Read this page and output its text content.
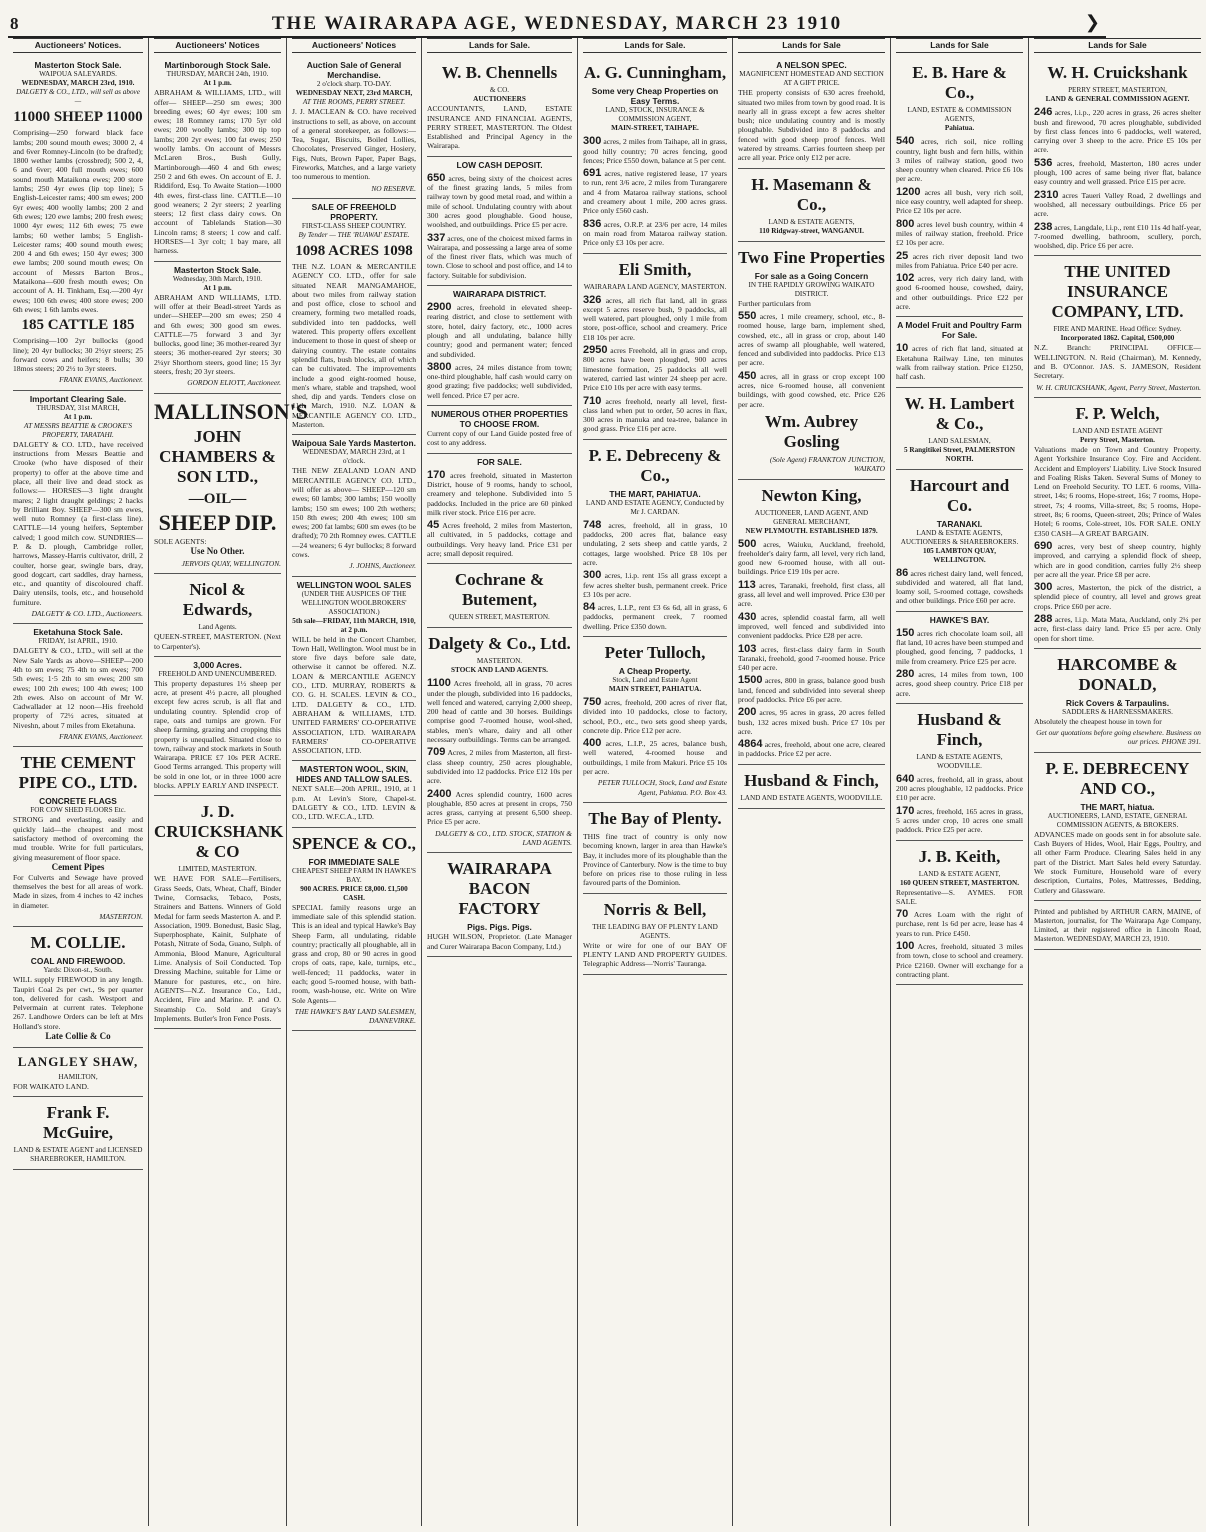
8	THE WAIRARAPA AGE, WEDNESDAY, MARCH 23 1910	❯
Auctioneers' Notices.
Masterton Stock Sale.
WAIPOUA SALEYARDS.
WEDNESDAY, MARCH 23rd, 1910.
DALGETY & CO., LTD., will sell as above—
11000 SHEEP 11000
Comprising—250 forward black face lambs; 200 sound mouth ewes; 3000 2, 4 and 6ver Romney-Lincoln (to be drafted); 1800 wether lambs (crossbred); 500 2, 4, 6 and 6ver; 400 full mouth ewes; 600 sound mouth Mataikona ewes; 200 store lambs; 250 4yr ewes (lip top line); 5 English-Leicester rams; 400 sm ewes; 200 6yr ewes; 400 woolly lambs; 200 2 and 6th ewes; 120 ewe lambs; 200 fresh ewes; 1000 4yr ewes; 112 6th ewes; 75 ewe lambs; 60 wether lambs; 5 English-Leicester rams; 400 sound mouth ewes; 200 4 and 6th ewes; 150 4yr ewes; 300 ewe lambs; 200 sound mouth ewes; On account of Messrs Barton Bros., Mataikona—600 fresh mouth ewes; On account of A. H. Tinkham, Esq.—200 4yr ewes; 100 6th ewes; 400 store ewes; 200 6th ewes; 1 6th lambs ewes.
185 CATTLE 185
Comprising—100 2yr bullocks (good line); 20 4yr bullocks; 30 2½yr steers; 25 forward cows and heifers; 8 bulls; 30 18mos steers; 20 2½ to 3yr steers.
FRANK EVANS, Auctioneer.
Important Clearing Sale.
THURSDAY, 31st MARCH,
At 1 p.m.
AT MESSRS BEATTIE & CROOKE'S PROPERTY, TARATAHI.
DALGETY & CO. LTD., have received instructions from Messrs Beattie and Crooke (who have disposed of their property) to offer at the above time and place, all their live and dead stock as follows:— HORSES—3 light draught mares; 2 light draught geldings; 2 hacks by Brilliant Boy. SHEEP—300 sm ewes, well nuto Romney (a first-class line). CATTLE—14 young heifers, September calved; 1 good milch cow. SUNDRIES—P. & D. plough, Cambridge roller, harrows, Massey-Harris cultivator, drill, 2 coulter, horse gear, swingle bars, dray, good dogcart, cart saddles, dray harness, etc., and quantity of discoloured chaff. Dairy utensils, tools, etc., and household furniture.
DALGETY & CO. LTD., Auctioneers.
Eketahuna Stock Sale.
FRIDAY, 1st APRIL, 1910.
DALGETY & CO., LTD., will sell at the New Sale Yards as above—SHEEP—200 4th to sm ewes; 75 4th to sm ewes; 700 5th ewes; 1·5 2th to sm ewes; 200 sm ewes; 100 2th ewes; 100 4th ewes; 100 2th ewes. Also on account of Mr W. Cadwallader at 12 noon—His freehold property of 72½ acres, situated at Niveshn, about 7 miles from Eketahuna.
FRANK EVANS, Auctioneer.
THE CEMENT PIPE CO., LTD.
CONCRETE FLAGS
FOR COW SHED FLOORS Etc.
STRONG and everlasting, easily and quickly laid—the cheapest and most satisfactory method of overcoming the mud trouble. Write for full particulars, giving measurement of floor space.
Cement Pipes
For Culverts and Sewage have proved themselves the best for all areas of work. Made in sizes, from 4 inches to 42 inches in diameter.
MASTERTON.
M. COLLIE.
COAL AND FIREWOOD.
Yards: Dixon-st., South.
WILL supply FIREWOOD in any length. Taupiri Coal 2s per cwt., 9s per quarter ton, delivered for cash. Westport and Pelvermain at current rates. Telephone 267. Landhowe Orders can be left at Mrs Holland's store.
Late Collie & Co
LANGLEY SHAW,
HAMILTON,
FOR WAIKATO LAND.
Frank F. McGuire,
LAND & ESTATE AGENT and LICENSED SHAREBROKER, HAMILTON.
Auctioneers' Notices
Martinborough Stock Sale.
THURSDAY, MARCH 24th, 1910.
At 1 p.m.
ABRAHAM & WILLIAMS, LTD., will offer— SHEEP—250 sm ewes; 300 breeding ewes; 60 4yr ewes; 100 sm ewes; 18 Romney rams; 170 5yr old ewes; 200 woolly lambs; 300 tip top lambs; 200 2yr ewes; 100 fat ewes; 250 woolly lambs. On account of Messrs McLaren Bros., Bush Gully, Martinborough—460 4 and 6th ewes; 250 2 and 6th ewes. On account of E. J. Riddiford, Esq. To Awaite Station—1000 4th ewes, first-class line. CATTLE—10 good weaners; 2 2yr steers; 2 yearling steers; 12 first class dairy cows. On account of Tablelands Station—30 Lincoln rams; 8 steers; 1 cow and calf. HORSES—1 3yr colt; 1 bay mare, all harness.
Masterton Stock Sale.
Wednesday, 30th March, 1910.
At 1 p.m.
ABRAHAM AND WILLIAMS, LTD. will offer at their Beadl-street Yards as under—SHEEP—200 sm ewes; 250 4 and 6th ewes; 300 good sm ewes. CATTLE—75 forward 3 and 3yr bullocks, good line; 36 mother-reared 3yr steers; 36 mother-reared 2yr steers; 30 2¼yr Shorthorn steers, good line; 15 3yr steers, fresh; 20 3yr steers.
GORDON ELIOTT, Auctioneer.
MALLINSON'S
JOHN CHAMBERS & SON LTD.,
—OIL—
SHEEP DIP.
SOLE AGENTS:
Use No Other.
JERVOIS QUAY, WELLINGTON.
Nicol & Edwards,
Land Agents.
QUEEN-STREET, MASTERTON. (Next to Carpenter's).
3,000 Acres.
FREEHOLD AND UNENCUMBERED.
This property depastures 1½ sheep per acre, at present 4½ p.acre, all ploughed except few acres scrub, is all flat and undulating country. Splendid crop of rape, oats and turnips are grown. For sheep farming, grazing and cropping this property is unequalled. Situated close to town, railway and stock markets in South Wairarapa. PRICE £7 10s PER ACRE. Good Terms arranged. This property will be sold in one lot, or in three 1000 acre blocks. APPLY EARLY AND INSPECT.
J. D. CRUICKSHANK & CO
LIMITED, MASTERTON.
WE HAVE FOR SALE—Fertilisers, Grass Seeds, Oats, Wheat, Chaff, Binder Twine, Cornsacks, Tebaco, Posts, Strainers and Battens. Winners of Gold Medal for farm seeds Masterton A. and P. Association, 1909. Bonedust, Basic Slag, Superphosphate, Kainit, Sulphate of Potash, Nitrate of Soda, Guano, Sulph. of Ammonia, Blood Manure, Agricultural Lime. Analysis of Soil Conducted. Top Dressing Machine, suitable for Lime or Manure for pastures, etc., on hire. AGENTS—N.Z. Insurance Co., Ltd., Accident, Fire and Marine. P. and O. Steamship Co. Sold and Gray's Implements. Butler's Iron Fence Posts.
Auctioneers' Notices
Auction Sale of General Merchandise.
2 o'clock sharp. TO-DAY.
WEDNESDAY NEXT, 23rd MARCH,
AT THE ROOMS, PERRY STREET.
J. J. MACLEAN & CO. have received instructions to sell, as above, on account of a general storekeeper, as follows:— Tea, Sugar, Biscuits, Boiled Lollies, Chocolates, Preserved Ginger, Hosiery, Figs, Nuts, Brown Paper, Paper Bags, Fireworks, Matches, and a large variety too numerous to mention.
NO RESERVE.
SALE OF FREEHOLD PROPERTY.
FIRST-CLASS SHEEP COUNTRY.
By Tender — THE 'RUAWAI' ESTATE.
1098 ACRES 1098
THE N.Z. LOAN & MERCANTILE AGENCY CO. LTD., offer for sale situated NEAR MANGAMAHOE, about two miles from railway station and post office, close to school and creamery, forming two metalled roads, subdivided into ten paddocks, well watered. This property offers excellent inducement to those in quest of sheep or dairying country. The estate contains splendid flats, bush blocks, all of which can be cultivated. The improvements include a good eight-roomed house, men's whare, stable and trapshed, wool shed, dip and yards. Tenders close on 11th March, 1910. N.Z. LOAN & MERCANTILE AGENCY CO. LTD., Masterton.
Waipoua Sale Yards Masterton.
WEDNESDAY, MARCH 23rd, at 1 o'clock.
THE NEW ZEALAND LOAN AND MERCANTILE AGENCY CO. LTD., will offer as above— SHEEP—120 sm ewes; 60 lambs; 300 lambs; 150 woolly lambs; 150 sm ewes; 100 2th wethers; 150 8th ewes; 200 4th ewes; 100 sm ewes; 200 fat lambs; 600 sm ewes (to be drafted); 70 2th Romney ewes. CATTLE—24 weaners; 6 4yr bullocks; 8 forward cows.
J. JOHNS, Auctioneer.
WELLINGTON WOOL SALES
(UNDER THE AUSPICES OF THE WELLINGTON WOOLBROKERS' ASSOCIATION.)
5th sale—FRIDAY, 11th MARCH, 1910, at 2 p.m.
WILL be held in the Concert Chamber, Town Hall, Wellington. Wool must be in store five days before sale date, otherwise it cannot be offered. N.Z. LOAN & MERCANTILE AGENCY CO., LTD. MURRAY, ROBERTS & CO. G. H. SCALES. LEVIN & CO., LTD. DALGETY & CO., LTD. ABRAHAM & WILLIAMS, LTD. UNITED FARMERS' CO-OPERATIVE ASSOCIATION, LTD. WAIRARAPA FARMERS' CO-OPERATIVE ASSOCIATION, LTD.
MASTERTON WOOL, SKIN, HIDES AND TALLOW SALES.
NEXT SALE—20th APRIL, 1910, at 1 p.m. At Levin's Store, Chapel-st. DALGETY & CO., LTD. LEVIN & CO., LTD. W.F.C.A., LTD.
SPENCE & CO.,
FOR IMMEDIATE SALE
CHEAPEST SHEEP FARM IN HAWKE'S BAY.
900 ACRES. PRICE £8,000. £1,500 CASH.
SPECIAL family reasons urge an immediate sale of this splendid station. This is an ideal and typical Hawke's Bay Sheep Farm, all undulating, ridable country; practically all ploughable, all in grass and crop, 80 or 90 acres in good crops of oats, rape, kale, turnips, etc., well-fenced; 11 paddocks, water in each; good 5-roomed house, with bath-room, wash-house, etc. Write on Wire Sole Agents—
THE HAWKE'S BAY LAND SALESMEN, DANNEVIRKE.
Lands for Sale.
W. B. Chennells
& CO.
AUCTIONEERS
ACCOUNTANTS, LAND, ESTATE INSURANCE AND FINANCIAL AGENTS, PERRY STREET, MASTERTON. The Oldest Established and Principal Agency in the Wairarapa.
LOW CASH DEPOSIT.
650 acres, being sixty of the choicest acres of the finest grazing lands, 5 miles from railway town by good metal road, and within a mile of school. Undulating country with about 300 acres good ploughable. Good house, woolshed, and outbuildings. Price £5 per acre.
337 acres, one of the choicest mixed farms in Wairarapa, and possessing a large area of some of the finest river flats, which was much of town. Close to school and post office, and 14 to factory. Suitable for subdivision.
WAIRARAPA DISTRICT.
2900 acres, freehold in elevated sheep-rearing district, and close to settlement with store, hotel, dairy factory, etc., 1000 acres plough and all undulating, balance hilly country; good and permanent water; fenced and subdivided.
3800 acres, 24 miles distance from town; one-third ploughable, half cash would carry on good grazing; five paddocks; well subdivided, well fenced. Price £7 per acre.
NUMEROUS OTHER PROPERTIES TO CHOOSE FROM.
Current copy of our Land Guide posted free of cost to any address.
FOR SALE.
170 acres freehold, situated in Masterton District, house of 9 rooms, handy to school, creamery and telephone. Subdivided into 5 paddocks. Included in the price are 60 pinked milk river stock. Price £16 per acre.
45 Acres freehold, 2 miles from Masterton, all cultivated, in 5 paddocks, cottage and outbuildings. Very heavy land. Price £31 per acre; small deposit required.
Cochrane & Butement,
QUEEN STREET, MASTERTON.
Dalgety & Co., Ltd.
MASTERTON.
STOCK AND LAND AGENTS.
1100 Acres freehold, all in grass, 70 acres under the plough, subdivided into 16 paddocks, well fenced and watered, carrying 2,000 sheep, 200 head of cattle and 30 horses. Buildings comprise good 7-roomed house, wool-shed, stables, men's whare, dairy and all other necessary outbuildings. Terms can be arranged.
709 Acres, 2 miles from Masterton, all first-class sheep country, 250 acres ploughable, subdivided into 12 paddocks. Price £12 10s per acre.
2400 Acres splendid country, 1600 acres ploughable, 850 acres at present in crops, 750 acres grass, carrying at present 6,500 sheep. Price £5 per acre.
DALGETY & CO., LTD. STOCK, STATION & LAND AGENTS.
WAIRARAPA BACON FACTORY
Pigs. Pigs. Pigs.
HUGH WILSON, Proprietor. (Late Manager and Curer Wairarapa Bacon Company, Ltd.)
Lands for Sale.
A. G. Cunningham,
Some very Cheap Properties on Easy Terms.
LAND, STOCK, INSURANCE & COMMISSION AGENT,
MAIN-STREET, TAIHAPE.
300 acres, 2 miles from Taihape, all in grass, good hilly country; 70 acres fencing, good fences; Price £550 down, balance at 5 per cent.
691 acres, native registered lease, 17 years to run, rent 3/6 acre, 2 miles from Turangarere and 4 from Mataroa railway stations, school and creamery about 1 mile, 200 acres grass. Price only £560 cash.
836 acres, O.R.P. at 23/6 per acre, 14 miles on main road from Mataroa railway station. Price only £3 10s per acre.
Eli Smith,
WAIRARAPA LAND AGENCY, MASTERTON.
326 acres, all rich flat land, all in grass except 5 acres reserve bush, 9 paddocks, all well watered, part ploughed, only 1 mile from store, post-office, school and creamery. Price £18 10s per acre.
2950 acres Freehold, all in grass and crop, 800 acres have been ploughed, 900 acres limestone formation, 25 paddocks all well watered, carried last winter 24 sheep per acre. Price £10 10s per acre with easy terms.
710 acres freehold, nearly all level, first-class land when put to order, 50 acres in flax, 300 acres in manuka and tea-tree, balance in good grass. Price £16 per acre.
P. E. Debreceny & Co.,
THE MART, PAHIATUA.
LAND AND ESTATE AGENCY, Conducted by Mr J. CARDAN.
748 acres, freehold, all in grass, 10 paddocks, 200 acres flat, balance easy undulating, 2 sets sheep and cattle yards, 2 cottages, large woolshed. Price £8 10s per acre.
300 acres, l.i.p. rent 15s all grass except a few acres shelter bush, permanent creek. Price £3 10s per acre.
84 acres, L.I.P., rent £3 6s 6d, all in grass, 6 paddocks, permanent creek, 7 roomed dwelling. Price £350 down.
Peter Tulloch,
A Cheap Property.
Stock, Land and Estate Agent
MAIN STREET, PAHIATUA.
750 acres, freehold, 200 acres of river flat, divided into 10 paddocks, close to factory, school, P.O., etc., two sets good sheep yards, concrete dip. Price £12 per acre.
400 acres, L.I.P., 25 acres, balance bush, well watered, 4-roomed house and outbuildings, 1 mile from Makuri. Price £5 10s per acre.
PETER TULLOCH, Stock, Land and Estate Agent, Pahiatua. P.O. Box 43.
The Bay of Plenty.
THIS fine tract of country is only now becoming known, larger in area than Hawke's Bay, it includes more of its ploughable than the Province of Canterbury. Now is the time to buy before on prices rise to those ruling in less favoured parts of the Dominion.
Norris & Bell,
THE LEADING BAY OF PLENTY LAND AGENTS.
Write or wire for one of our BAY OF PLENTY LAND AND PROPERTY GUIDES. Telegraphic Address—'Norris' Tauranga.
Lands for Sale
A NELSON SPEC.
MAGNIFICENT HOMESTEAD AND SECTION AT A GIFT PRICE.
THE property consists of 630 acres freehold, situated two miles from town by good road. It is nearly all in grass except a few acres shelter bush; nice undulating country and is mostly ploughable. Subdivided into 8 paddocks and fenced with good sheep proof fences. Well watered by streams. Carries fourteen sheep per acre all year. Price only £12 per acre.
H. Masemann & Co.,
LAND & ESTATE AGENTS,
110 Ridgway-street, WANGANUI.
Two Fine Properties
For sale as a Going Concern
IN THE RAPIDLY GROWING WAIKATO DISTRICT.
Further particulars from
550 acres, 1 mile creamery, school, etc., 8-roomed house, large barn, implement shed, cowshed, etc., all in grass or crop, about 140 acres of swamp all ploughable, well watered, fenced and subdivided into paddocks. Price £13 per acre.
450 acres, all in grass or crop except 100 acres, nice 6-roomed house, all convenient buildings, with good cowshed, etc. Price £26 per acre.
Wm. Aubrey Gosling
(Sole Agent) FRANKTON JUNCTION, WAIKATO
Newton King,
AUCTIONEER, LAND AGENT, AND GENERAL MERCHANT,
NEW PLYMOUTH. ESTABLISHED 1879.
500 acres, Waiuku, Auckland, freehold, freeholder's dairy farm, all level, very rich land, good new 6-roomed house, with all out-buildings. Price £19 10s per acre.
113 acres, Taranaki, freehold, first class, all grass, all level and well improved. Price £30 per acre.
430 acres, splendid coastal farm, all well improved, well fenced and subdivided into convenient paddocks. Price £28 per acre.
103 acres, first-class dairy farm in South Taranaki, freehold, good 7-roomed house. Price £40 per acre.
1500 acres, 800 in grass, balance good bush land, fenced and subdivided into several sheep proof paddocks. Price £6 per acre.
200 acres, 95 acres in grass, 20 acres felled bush, 132 acres mixed bush. Price £7 10s per acre.
4864 acres, freehold, about one acre, cleared in paddocks. Price £2 per acre.
Husband & Finch,
LAND AND ESTATE AGENTS, WOODVILLE.
Lands for Sale
E. B. Hare & Co.,
LAND, ESTATE & COMMISSION AGENTS,
Pahiatua.
540 acres, rich soil, nice rolling country, light bush and fern hills, within 3 miles of railway station, good two sheep country when cleared. Price £6 10s per acre.
1200 acres all bush, very rich soil, nice easy country, well adapted for sheep. Price £2 10s per acre.
800 acres level bush country, within 4 miles of railway station, freehold. Price £2 10s per acre.
25 acres rich river deposit land two miles from Pahiatua. Price £40 per acre.
102 acres, very rich dairy land, with good 6-roomed house, cowshed, dairy, and other outbuildings. Price £22 per acre.
A Model Fruit and Poultry Farm For Sale.
10 acres of rich flat land, situated at Eketahuna Railway Line, ten minutes walk from railway station. Price £1250, half cash.
W. H. Lambert & Co.,
LAND SALESMAN,
5 Rangitikei Street, PALMERSTON NORTH.
Harcourt and Co.
TARANAKI.
LAND & ESTATE AGENTS, AUCTIONEERS & SHAREBROKERS.
105 LAMBTON QUAY, WELLINGTON.
86 acres richest dairy land, well fenced, subdivided and watered, all flat land, loamy soil, 5-roomed cottage, cowsheds and other buildings. Price £60 per acre.
HAWKE'S BAY.
150 acres rich chocolate loam soil, all flat land, 10 acres have been stumped and ploughed, good fencing, 7 paddocks, 1 mile from creamery. Price £25 per acre.
280 acres, 14 miles from town, 100 acres, good sheep country. Price £18 per acre.
Husband & Finch,
LAND & ESTATE AGENTS, WOODVILLE.
640 acres, freehold, all in grass, about 200 acres ploughable, 12 paddocks. Price £10 per acre.
170 acres, freehold, 165 acres in grass, 5 acres under crop, 10 acres one small paddock. Price £25 per acre.
J. B. Keith,
LAND & ESTATE AGENT,
160 QUEEN STREET, MASTERTON.
Representative—S. AYMES. FOR SALE.
70 Acres Loam with the right of purchase, rent 1s 6d per acre, lease has 4 years to run. Price £450.
100 Acres, freehold, situated 3 miles from town, close to school and creamery. Price £2160. Owner will exchange for a contracting plant.
Lands for Sale
W. H. Cruickshank
PERRY STREET, MASTERTON,
LAND & GENERAL COMMISSION AGENT.
246 acres, l.i.p., 220 acres in grass, 26 acres shelter bush and firewood, 70 acres ploughable, subdivided by first class fences into 6 paddocks, well watered, carrying over 3 sheep to the acre. Price £5 10s per acre.
536 acres, freehold, Masterton, 180 acres under plough, 100 acres of same being river flat, balance easy country and well grassed. Price £15 per acre.
2310 acres Taueri Valley Road, 2 dwellings and woolshed, all necessary outbuildings. Price £6 per acre.
238 acres, Langdale, l.i.p., rent £10 11s 4d half-year, 7-roomed dwelling, bathroom, scullery, porch, woolshed, dip. Price £6 per acre.
THE UNITED INSURANCE COMPANY, LTD.
FIRE AND MARINE. Head Office: Sydney.
Incorporated 1862. Capital, £500,000
N.Z. Branch: PRINCIPAL OFFICE—WELLINGTON. N. Reid (Chairman), M. Kennedy, and B. O'Connor. JAS. S. JAMESON, Resident Secretary.
W. H. CRUICKSHANK, Agent, Perry Street, Masterton.
F. P. Welch,
LAND AND ESTATE AGENT
Perry Street, Masterton.
Valuations made on Town and Country Property. Agent Yorkshire Insurance Coy. Fire and Accident. Accident and Employers' Liability. Live Stock Insured and Foaling Risks Taken. Several Sums of Money to Lend on Freehold Security. TO LET. 6 rooms, Villa-street, 14s; 6 rooms, Hope-street, 16s; 7 rooms, Hope-street, 7s; 4 rooms, Villa-street, 8s; 5 rooms, Hope-street, 8s; 6 rooms, Queen-street, 20s; Prince of Wales Hotel; 6 rooms, Cole-street, 10s. FOR SALE. ONLY £350 CASH—A GREAT BARGAIN.
690 acres, very best of sheep country, highly improved, and carrying a splendid flock of sheep, which are in good condition, carries fully 2½ sheep per acre all the year. Price £8 per acre.
300 acres, Masterton, the pick of the district, a splendid piece of country, all level and grows great crops. Price £60 per acre.
288 acres, l.i.p. Mata Mata, Auckland, only 2¼ per acre, first-class dairy land. Price £5 per acre. Only open for short time.
HARCOMBE & DONALD,
Rick Covers & Tarpaulins.
SADDLERS & HARNESSMAKERS.
Absolutely the cheapest house in town for
Get our quotations before going elsewhere. Business on our prices. PHONE 391.
P. E. DEBRECENY AND CO.,
THE MART, hiatua.
AUCTIONEERS, LAND, ESTATE, GENERAL COMMISSION AGENTS, & BROKERS.
ADVANCES made on goods sent in for absolute sale. Cash Buyers of Hides, Wool, Hair Eggs, Poultry, and all other Farm Produce. Clearing Sales held in any part of the District. Mart Sales held every Saturday. We stock Furniture, Household ware of every description, Curtains, Poles, Mattresses, Bedding, Cutlery and Glassware.
Printed and published by ARTHUR CARN, MAINE, of Masterton, journalist, for The Wairarapa Age Company, Limited, at their registered office in Lincoln Road, Masterton. WEDNESDAY, MARCH 23, 1910.
